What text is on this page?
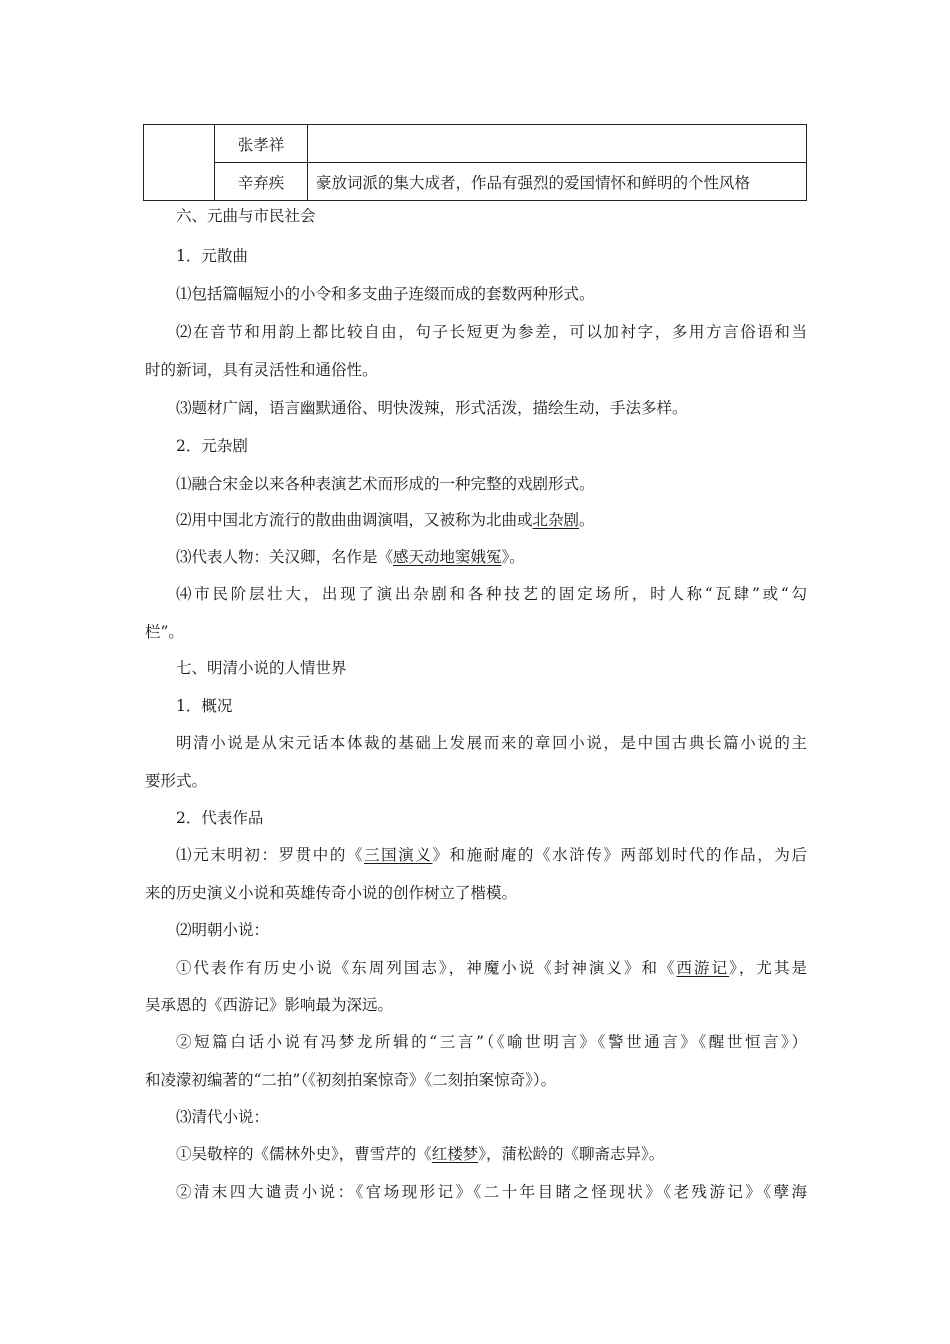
	张孝祥	
	辛弃疾	豪放词派的集大成者，作品有强烈的爱国情怀和鲜明的个性风格
六、元曲与市民社会
1．元散曲
⑴包括篇幅短小的小令和多支曲子连缀而成的套数两种形式。
⑵在音节和用韵上都比较自由，句子长短更为参差，可以加衬字，多用方言俗语和当
时的新词，具有灵活性和通俗性。
⑶题材广阔，语言幽默通俗、明快泼辣，形式活泼，描绘生动，手法多样。
2．元杂剧
⑴融合宋金以来各种表演艺术而形成的一种完整的戏剧形式。
⑵用中国北方流行的散曲曲调演唱，又被称为北曲或北杂剧。
⑶代表人物：关汉卿，名作是《感天动地窦娥冤》。
⑷市民阶层壮大，出现了演出杂剧和各种技艺的固定场所，时人称“瓦肆”或“勾
栏”。
七、明清小说的人情世界
1．概况
明清小说是从宋元话本体裁的基础上发展而来的章回小说，是中国古典长篇小说的主
要形式。
2．代表作品
⑴元末明初：罗贯中的《三国演义》和施耐庵的《水浒传》两部划时代的作品，为后
来的历史演义小说和英雄传奇小说的创作树立了楷模。
⑵明朝小说：
①代表作有历史小说《东周列国志》，神魔小说《封神演义》和《西游记》，尤其是
吴承恩的《西游记》影响最为深远。
②短篇白话小说有冯梦龙所辑的“三言”（《喻世明言》《警世通言》《醒世恒言》）
和凌濛初编著的“二拍”（《初刻拍案惊奇》《二刻拍案惊奇》）。
⑶清代小说：
①吴敬梓的《儒林外史》，曹雪芹的《红楼梦》，蒲松龄的《聊斋志异》。
②清末四大谴责小说：《官场现形记》《二十年目睹之怪现状》《老残游记》《孽海
